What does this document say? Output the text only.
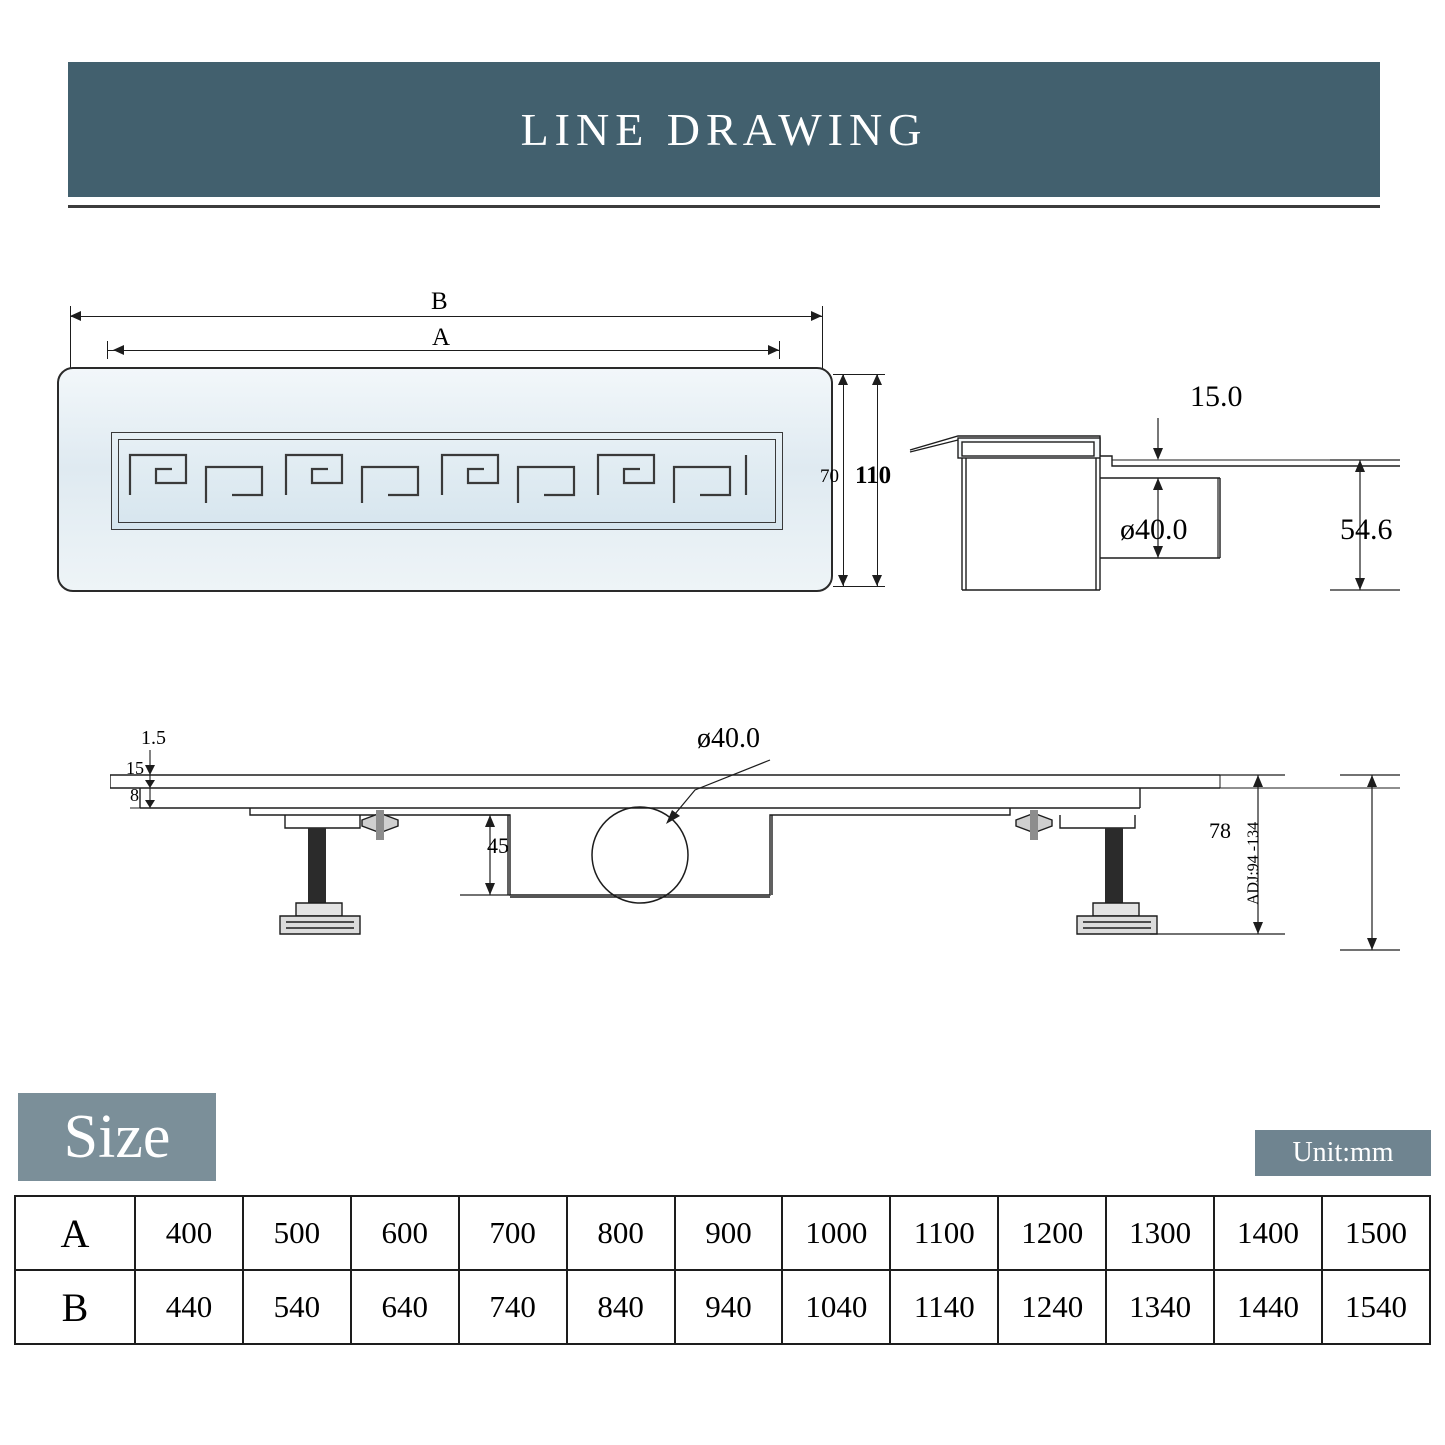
LINE DRAWING
B
A
70 110
15.0
ø40.0	54.6
1.5
15
8
ø40.0
45
78 ADJ:94 -134
Size	Unit:mm
A	400	500	600	700	800	900	1000	1100	1200	1300	1400	1500
B	440	540	640	740	840	940	1040	1140	1240	1340	1440	1540
